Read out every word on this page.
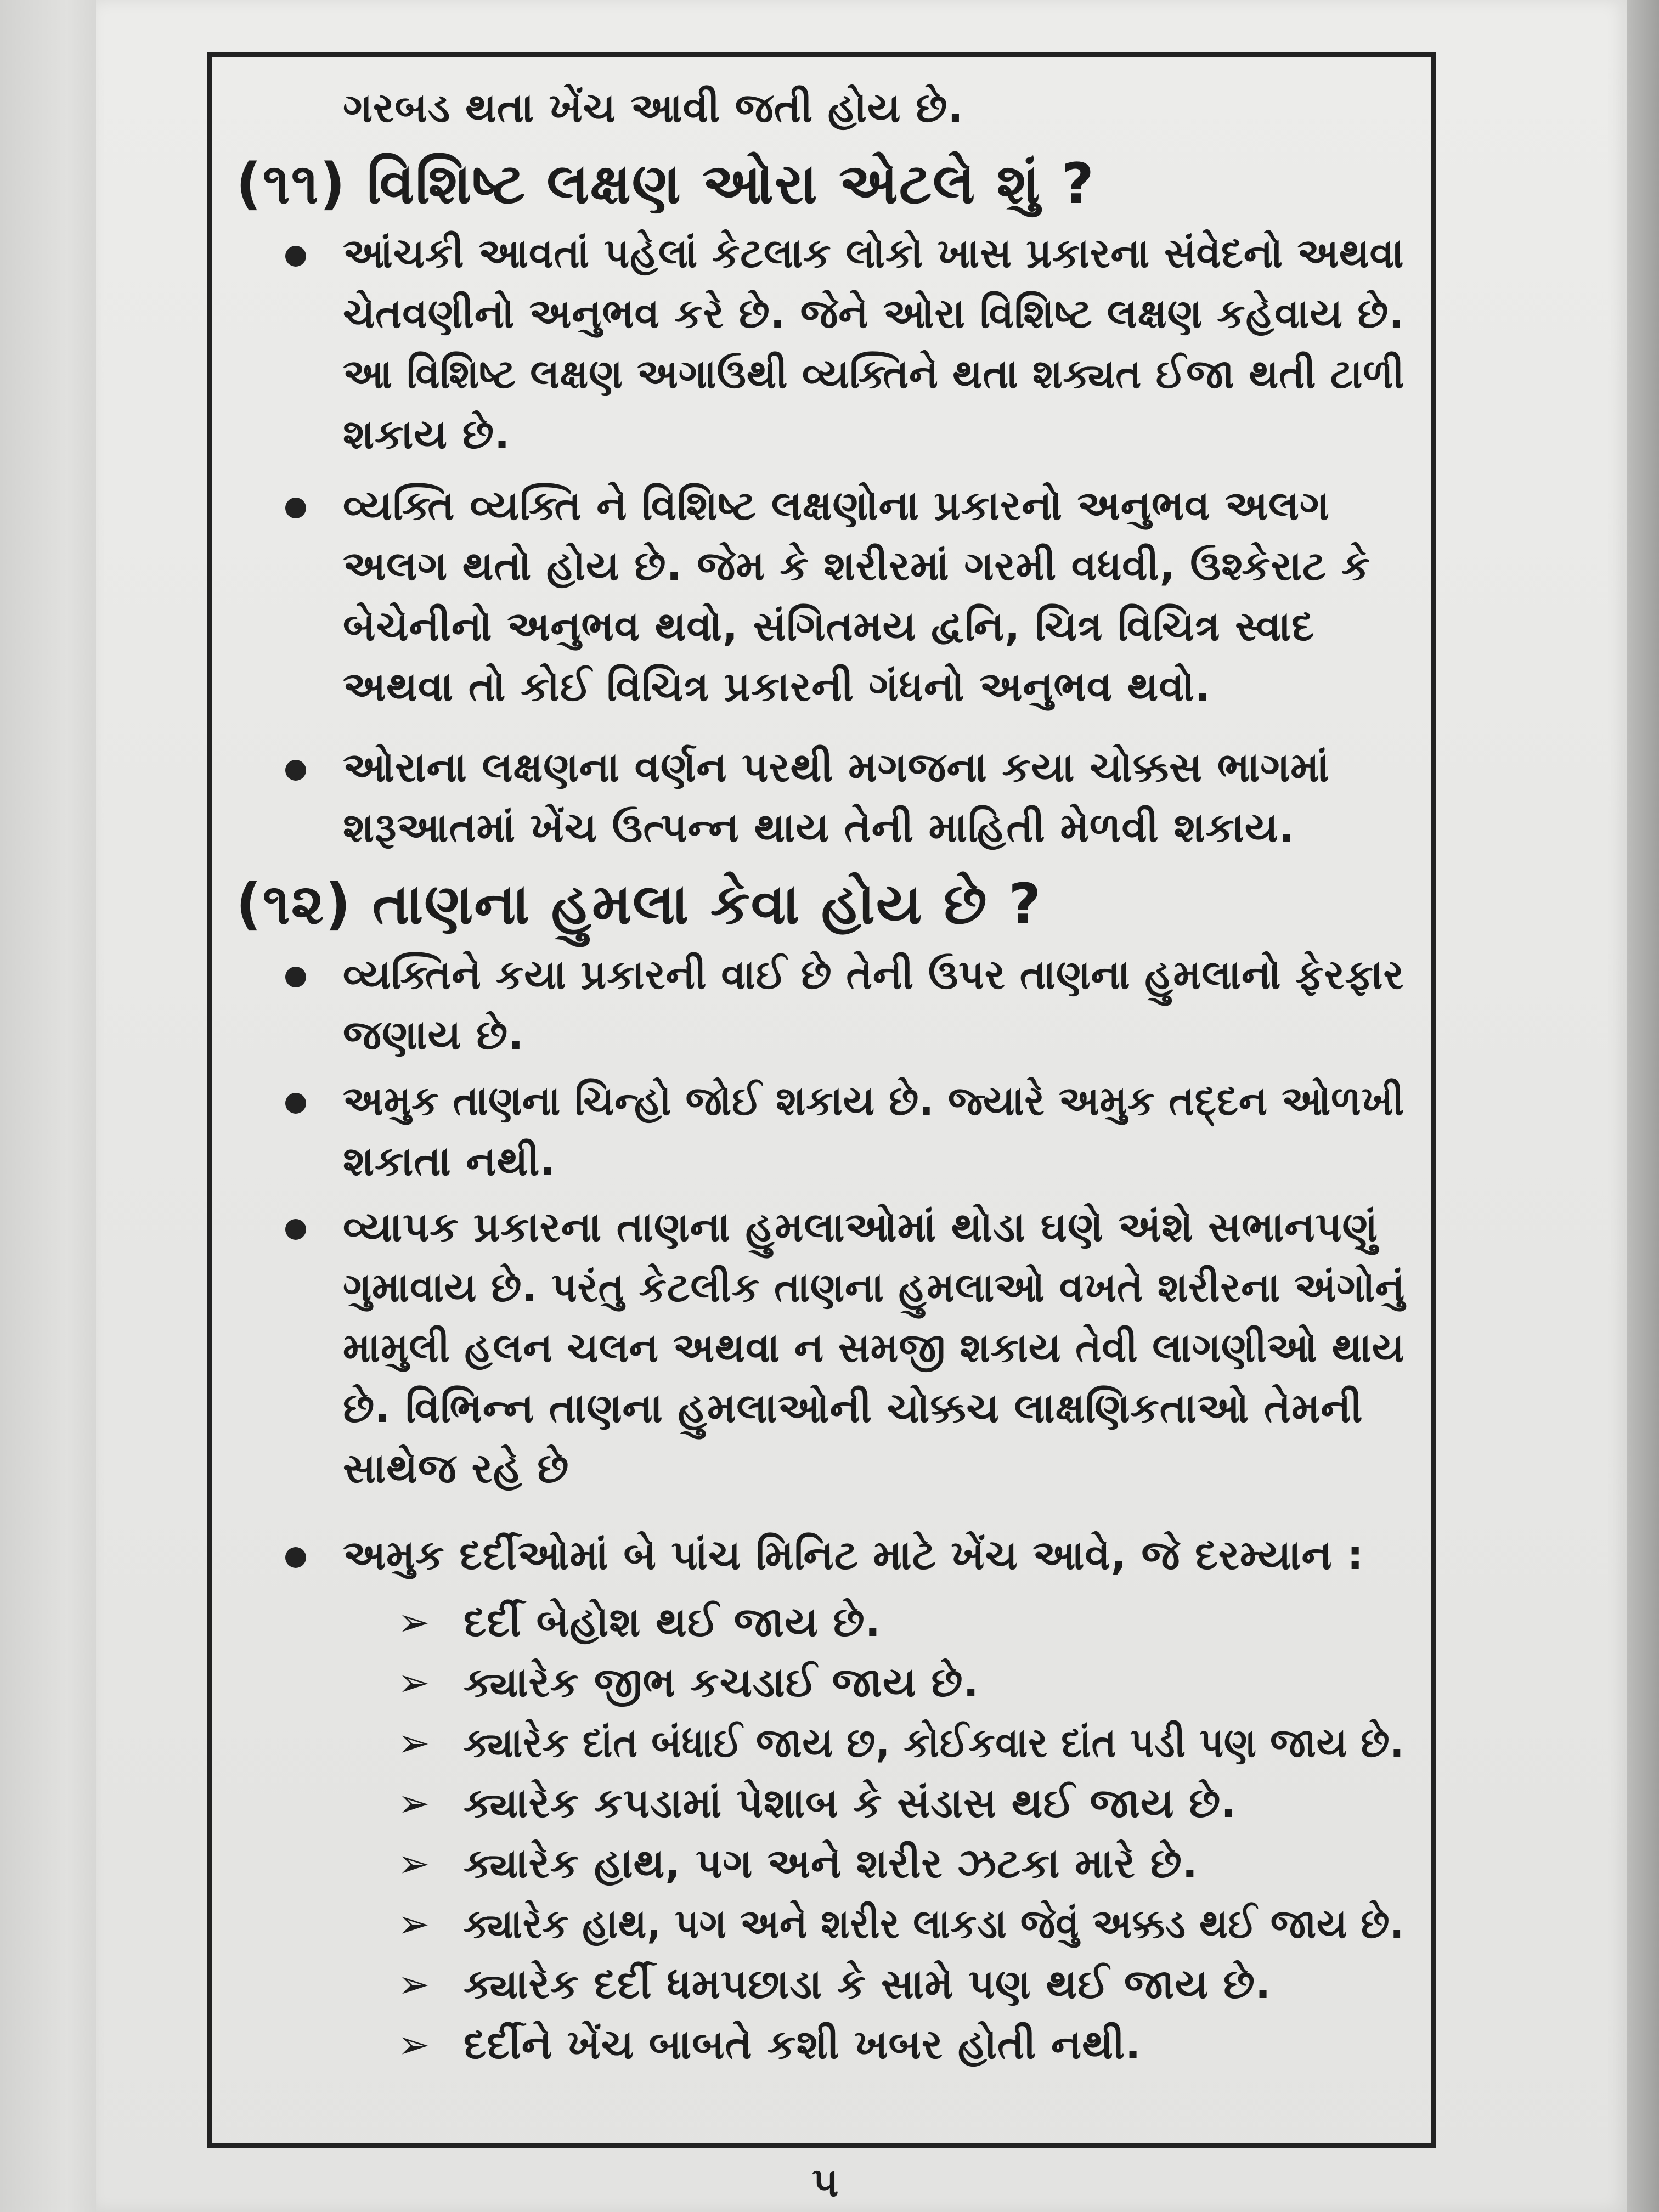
ગરબડ થતા ખેંચ આવી જતી હોય છે.
(૧૧) વિશિષ્ટ લક્ષણ ઓરા એટલે શું ?
આંચકી આવતાં પહેલાં કેટલાક લોકો ખાસ પ્રકારના સંવેદનો અથવા
ચેતવણીનો અનુભવ કરે છે. જેને ઓરા વિશિષ્ટ લક્ષણ કહેવાય છે.
આ વિશિષ્ટ લક્ષણ અગાઉથી વ્યક્તિને થતા શક્યત ઈજા થતી ટાળી
શકાય છે.
વ્યક્તિ વ્યક્તિ ને વિશિષ્ટ લક્ષણોના પ્રકારનો અનુભવ અલગ
અલગ થતો હોય છે. જેમ કે શરીરમાં ગરમી વધવી, ઉશ્કેરાટ કે
બેચેનીનો અનુભવ થવો, સંગિતમય દ્વનિ, ચિત્ર વિચિત્ર સ્વાદ
અથવા તો કોઈ વિચિત્ર પ્રકારની ગંધનો અનુભવ થવો.
ઓરાના લક્ષણના વર્ણન પરથી મગજના કયા ચોક્કસ ભાગમાં
શરૂઆતમાં ખેંચ ઉત્પન્ન થાય તેની માહિતી મેળવી શકાય.
(૧૨) તાણના હુમલા કેવા હોય છે ?
વ્યક્તિને કયા પ્રકારની વાઈ છે તેની ઉપર તાણના હુમલાનો ફેરફાર
જણાય છે.
અમુક તાણના ચિન્હો જોઈ શકાય છે. જ્યારે અમુક તદ્દન ઓળખી
શકાતા નથી.
વ્યાપક પ્રકારના તાણના હુમલાઓમાં થોડા ઘણે અંશે સભાનપણું
ગુમાવાય છે. પરંતુ કેટલીક તાણના હુમલાઓ વખતે શરીરના અંગોનું
મામુલી હલન ચલન અથવા ન સમજી શકાય તેવી લાગણીઓ થાય
છે. વિભિન્ન તાણના હુમલાઓની ચોક્કચ લાક્ષણિકતાઓ તેમની
સાથેજ રહે છે
અમુક દર્દીઓમાં બે પાંચ મિનિટ માટે ખેંચ આવે, જે દરમ્યાન :
➢ દર્દી બેહોશ થઈ જાય છે.
➢ ક્યારેક જીભ કચડાઈ જાય છે.
➢ ક્યારેક દાંત બંધાઈ જાય છ, કોઈકવાર દાંત પડી પણ જાય છે.
➢ ક્યારેક કપડામાં પેશાબ કે સંડાસ થઈ જાય છે.
➢ ક્યારેક હાથ, પગ અને શરીર ઝટકા મારે છે.
➢ ક્યારેક હાથ, પગ અને શરીર લાકડા જેવું અક્કડ થઈ જાય છે.
➢ ક્યારેક દર્દી ધમપછાડા કે સામે પણ થઈ જાય છે.
➢ દર્દીને ખેંચ બાબતે કશી ખબર હોતી નથી.
૫
